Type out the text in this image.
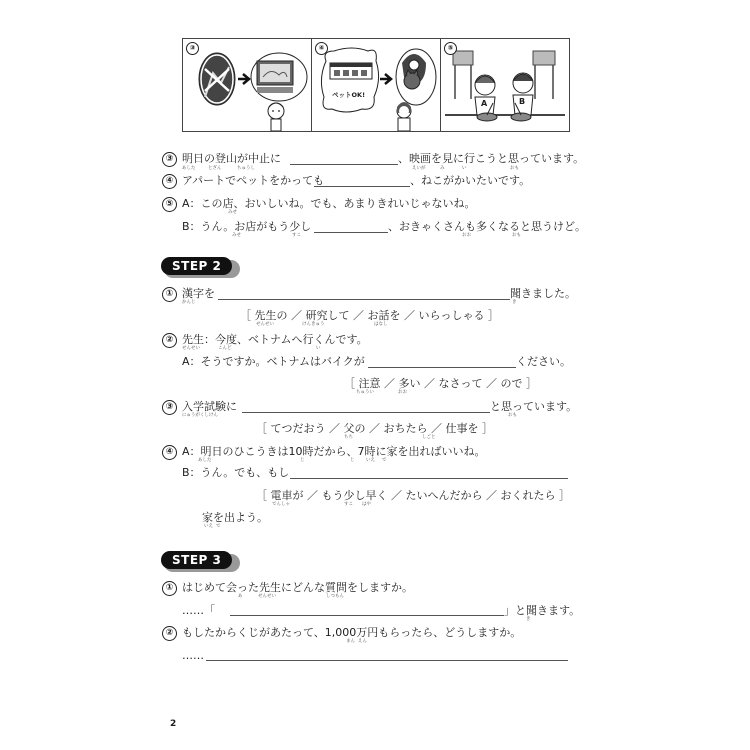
③	④
ペットOK!
⑤
A	B
③ 明日の登山が中止に	、映画を見に行こうと思っています。
あした	とざん	ちゅうし	えいが	み	い	おも
④ アパートでペットをかっても	、ねこがかいたいです。
⑤ A：この店、おいしいね。でも、あまりきれいじゃないね。
みせ
B：うん。お店がもう少し	、おきゃくさんも多くなると思うけど。
みせ	すこ	おお	おも
STEP 2
① 漢字を
かんじ
聞きました。
き
［ 先生の ／ 研究して ／ お話を ／ いらっしゃる ］
せんせい	けんきゅう	はなし
② 先生：今度、ベトナムへ行くんです。
せんせい	こんど	い
A：そうですか。ベトナムはバイクが	ください。
［ 注意 ／ 多い ／ なさって ／ ので ］
ちゅうい	おお
③ 入学試験に
にゅうがくしけん
と思っています。
おも
［ てつだおう ／ 父の ／ おちたら ／ 仕事を ］
ちち	しごと
④ A：明日のひこうきは10時だから、7時に家を出ればいいね。
あした	じ	じ	いえ で
B：うん。でも、もし
［ 電車が ／ もう少し早く ／ たいへんだから ／ おくれたら ］
でんしゃ	すこ はや
家を出よう。
いえ で
STEP 3
① はじめて会った先生にどんな質問をしますか。
あ	せんせい	しつもん
……「	」と聞きます。
き
② もしたからくじがあたって、1,000万円もらったら、どうしますか。
まん えん
……
2
